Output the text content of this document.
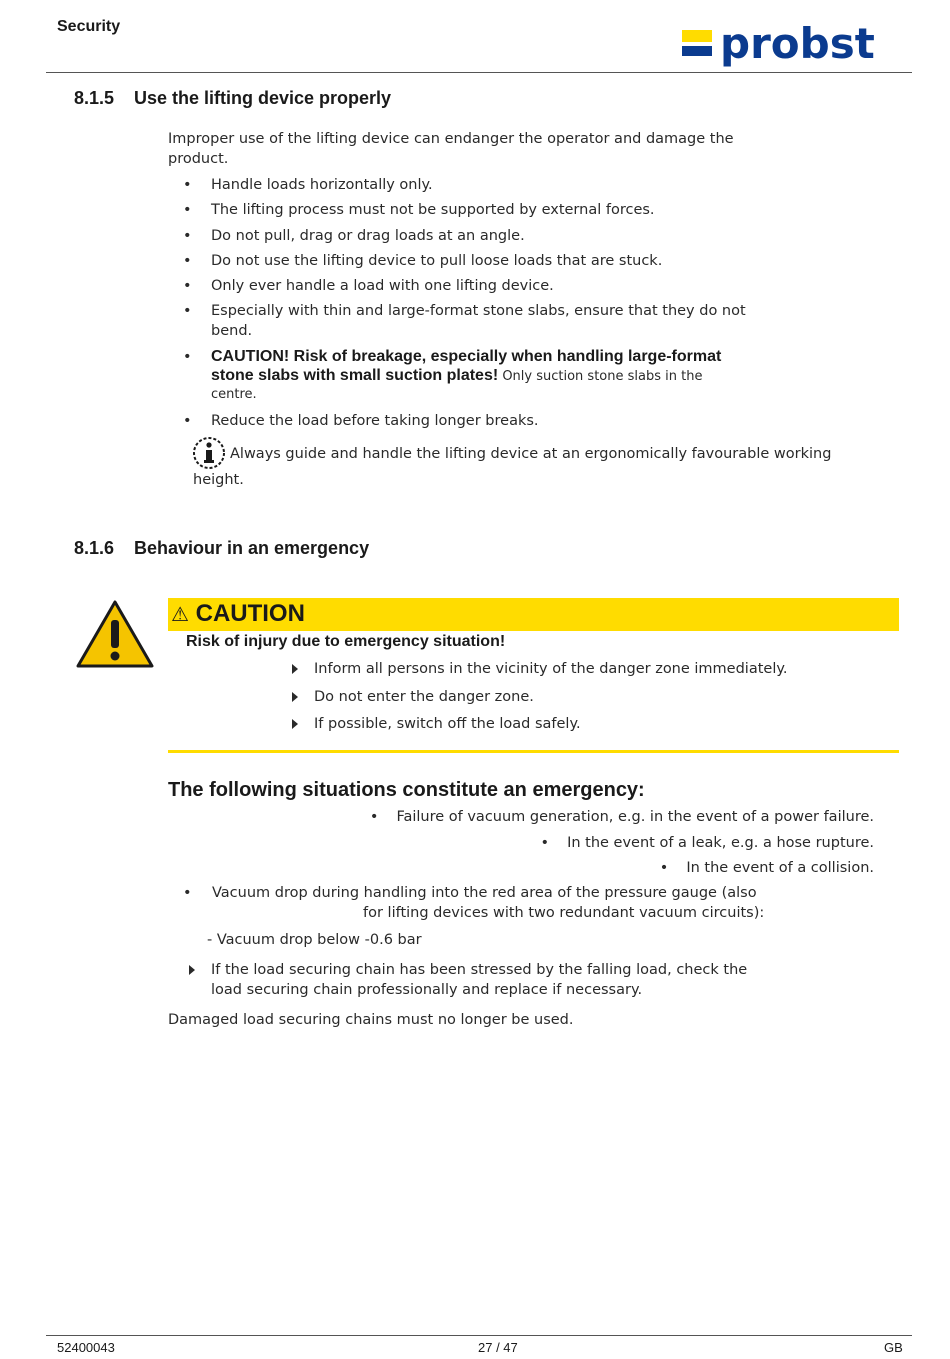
Security	probst
8.1.5 Use the lifting device properly
Improper use of the lifting device can endanger the operator and damage the
product.
• Handle loads horizontally only.
• The lifting process must not be supported by external forces.
• Do not pull, drag or drag loads at an angle.
• Do not use the lifting device to pull loose loads that are stuck.
• Only ever handle a load with one lifting device.
• Especially with thin and large-format stone slabs, ensure that they do not
bend.
• CAUTION! Risk of breakage, especially when handling large-format
stone slabs with small suction plates! Only suction stone slabs in the
centre.
• Reduce the load before taking longer breaks.
Always guide and handle the lifting device at an ergonomically favourable working
height.
8.1.6 Behaviour in an emergency
⚠ CAUTION
Risk of injury due to emergency situation!
Inform all persons in the vicinity of the danger zone immediately.
Do not enter the danger zone.
If possible, switch off the load safely.
The following situations constitute an emergency:
• Failure of vacuum generation, e.g. in the event of a power failure.
• In the event of a leak, e.g. a hose rupture.
• In the event of a collision.
• Vacuum drop during handling into the red area of the pressure gauge (also
for lifting devices with two redundant vacuum circuits):
- Vacuum drop below -0.6 bar
If the load securing chain has been stressed by the falling load, check the
load securing chain professionally and replace if necessary.
Damaged load securing chains must no longer be used.
52400043	27 / 47	GB
